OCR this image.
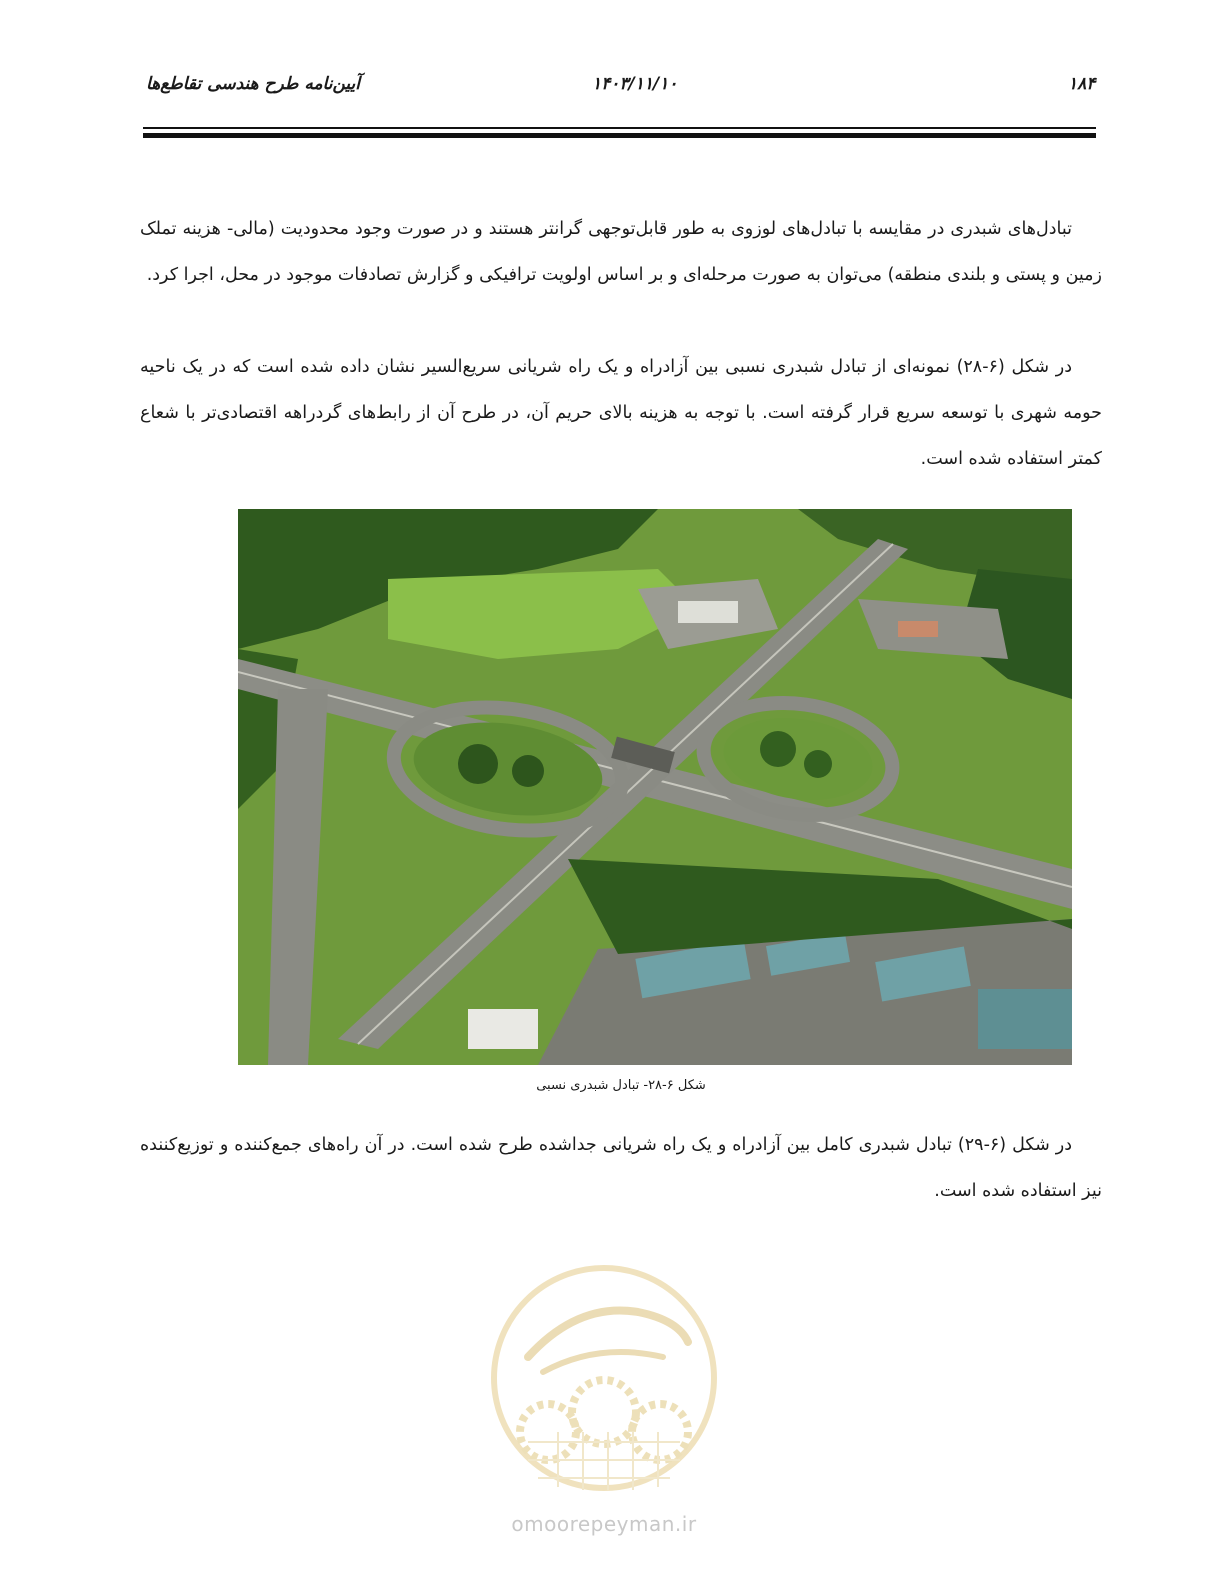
آیین‌نامه طرح هندسی تقاطع‌ها	۱۴۰۳/۱۱/۱۰	۱۸۴

تبادل‌های شبدری در مقایسه با تبادل‌های لوزوی به طور قابل‌توجهی گرانتر هستند و در صورت وجود محدودیت (مالی- هزینه تملک زمین و پستی و بلندی منطقه) می‌توان به صورت مرحله‌ای و بر اساس اولویت ترافیکی و گزارش تصادفات موجود در محل، اجرا کرد.

در شکل (۶-۲۸) نمونه‌ای از تبادل شبدری نسبی بین آزادراه و یک راه شریانی سریع‌السیر نشان داده شده است که در یک ناحیه حومه شهری با توسعه سریع قرار گرفته است. با توجه به هزینه بالای حریم آن، در طرح آن از رابط‌های گردراهه اقتصادی‌تر با شعاع کمتر استفاده شده است.

شکل ۶-۲۸- تبادل شبدری نسبی

در شکل (۶-۲۹) تبادل شبدری کامل بین آزادراه و یک راه شریانی جداشده طرح شده است. در آن راه‌های جمع‌کننده و توزیع‌کننده نیز استفاده شده است.

omoorepeyman.ir
